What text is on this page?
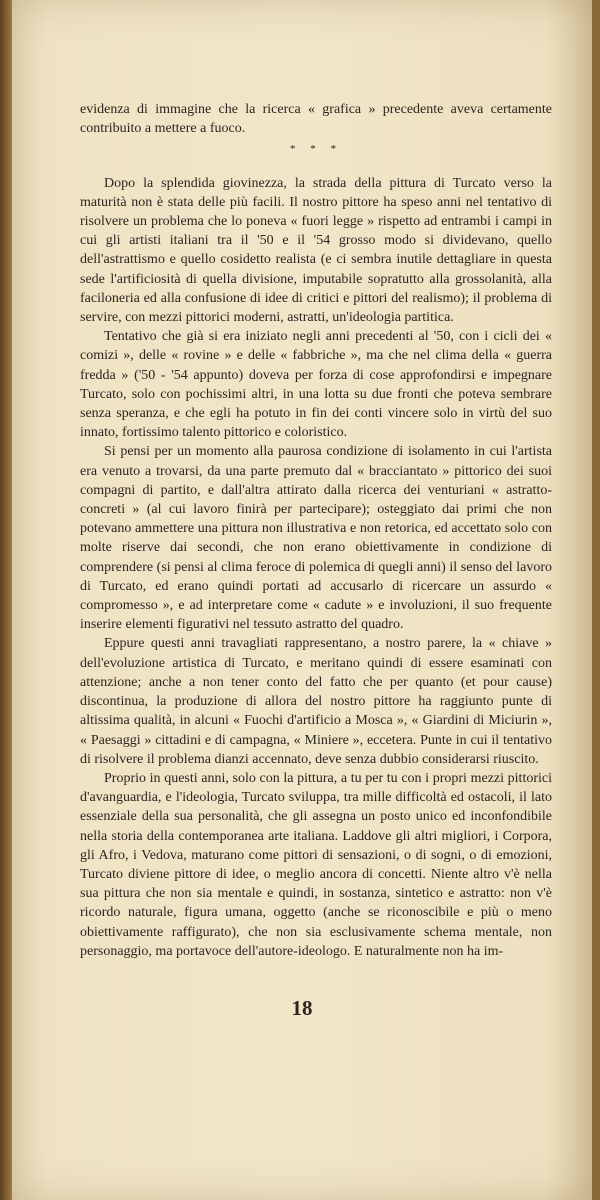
evidenza di immagine che la ricerca « grafica » precedente aveva certamente contribuito a mettere a fuoco.

* * *

Dopo la splendida giovinezza, la strada della pittura di Turcato verso la maturità non è stata delle più facili. Il nostro pittore ha speso anni nel tentativo di risolvere un problema che lo poneva « fuori legge » rispetto ad entrambi i campi in cui gli artisti italiani tra il '50 e il '54 grosso modo si dividevano, quello dell'astrattismo e quello cosidetto realista (e ci sembra inutile dettagliare in questa sede l'artificiosità di quella divisione, imputabile sopratutto alla grossolanità, alla faciloneria ed alla confusione di idee di critici e pittori del realismo); il problema di servire, con mezzi pittorici moderni, astratti, un'ideologia partitica.

Tentativo che già si era iniziato negli anni precedenti al '50, con i cicli dei « comizi », delle « rovine » e delle « fabbriche », ma che nel clima della « guerra fredda » ('50 - '54 appunto) doveva per forza di cose approfondirsi e impegnare Turcato, solo con pochissimi altri, in una lotta su due fronti che poteva sembrare senza speranza, e che egli ha potuto in fin dei conti vincere solo in virtù del suo innato, fortissimo talento pittorico e coloristico.

Si pensi per un momento alla paurosa condizione di isolamento in cui l'artista era venuto a trovarsi, da una parte premuto dal « bracciantato » pittorico dei suoi compagni di partito, e dall'altra attirato dalla ricerca dei venturiani « astratto-concreti » (al cui lavoro finirà per partecipare); osteggiato dai primi che non potevano ammettere una pittura non illustrativa e non retorica, ed accettato solo con molte riserve dai secondi, che non erano obiettivamente in condizione di comprendere (si pensi al clima feroce di polemica di quegli anni) il senso del lavoro di Turcato, ed erano quindi portati ad accusarlo di ricercare un assurdo « compromesso », e ad interpretare come « cadute » e involuzioni, il suo frequente inserire elementi figurativi nel tessuto astratto del quadro.

Eppure questi anni travagliati rappresentano, a nostro parere, la « chiave » dell'evoluzione artistica di Turcato, e meritano quindi di essere esaminati con attenzione; anche a non tener conto del fatto che per quanto (et pour cause) discontinua, la produzione di allora del nostro pittore ha raggiunto punte di altissima qualità, in alcuni « Fuochi d'artificio a Mosca », « Giardini di Miciurin », « Paesaggi » cittadini e di campagna, « Miniere », eccetera. Punte in cui il tentativo di risolvere il problema dianzi accennato, deve senza dubbio considerarsi riuscito.

Proprio in questi anni, solo con la pittura, a tu per tu con i propri mezzi pittorici d'avanguardia, e l'ideologia, Turcato sviluppa, tra mille difficoltà ed ostacoli, il lato essenziale della sua personalità, che gli assegna un posto unico ed inconfondibile nella storia della contemporanea arte italiana. Laddove gli altri migliori, i Corpora, gli Afro, i Vedova, maturano come pittori di sensazioni, o di sogni, o di emozioni, Turcato diviene pittore di idee, o meglio ancora di concetti. Niente altro v'è nella sua pittura che non sia mentale e quindi, in sostanza, sintetico e astratto: non v'è ricordo naturale, figura umana, oggetto (anche se riconoscibile e più o meno obiettivamente raffigurato), che non sia esclusivamente schema mentale, non personaggio, ma portavoce dell'autore-ideologo. E naturalmente non ha im-

18
